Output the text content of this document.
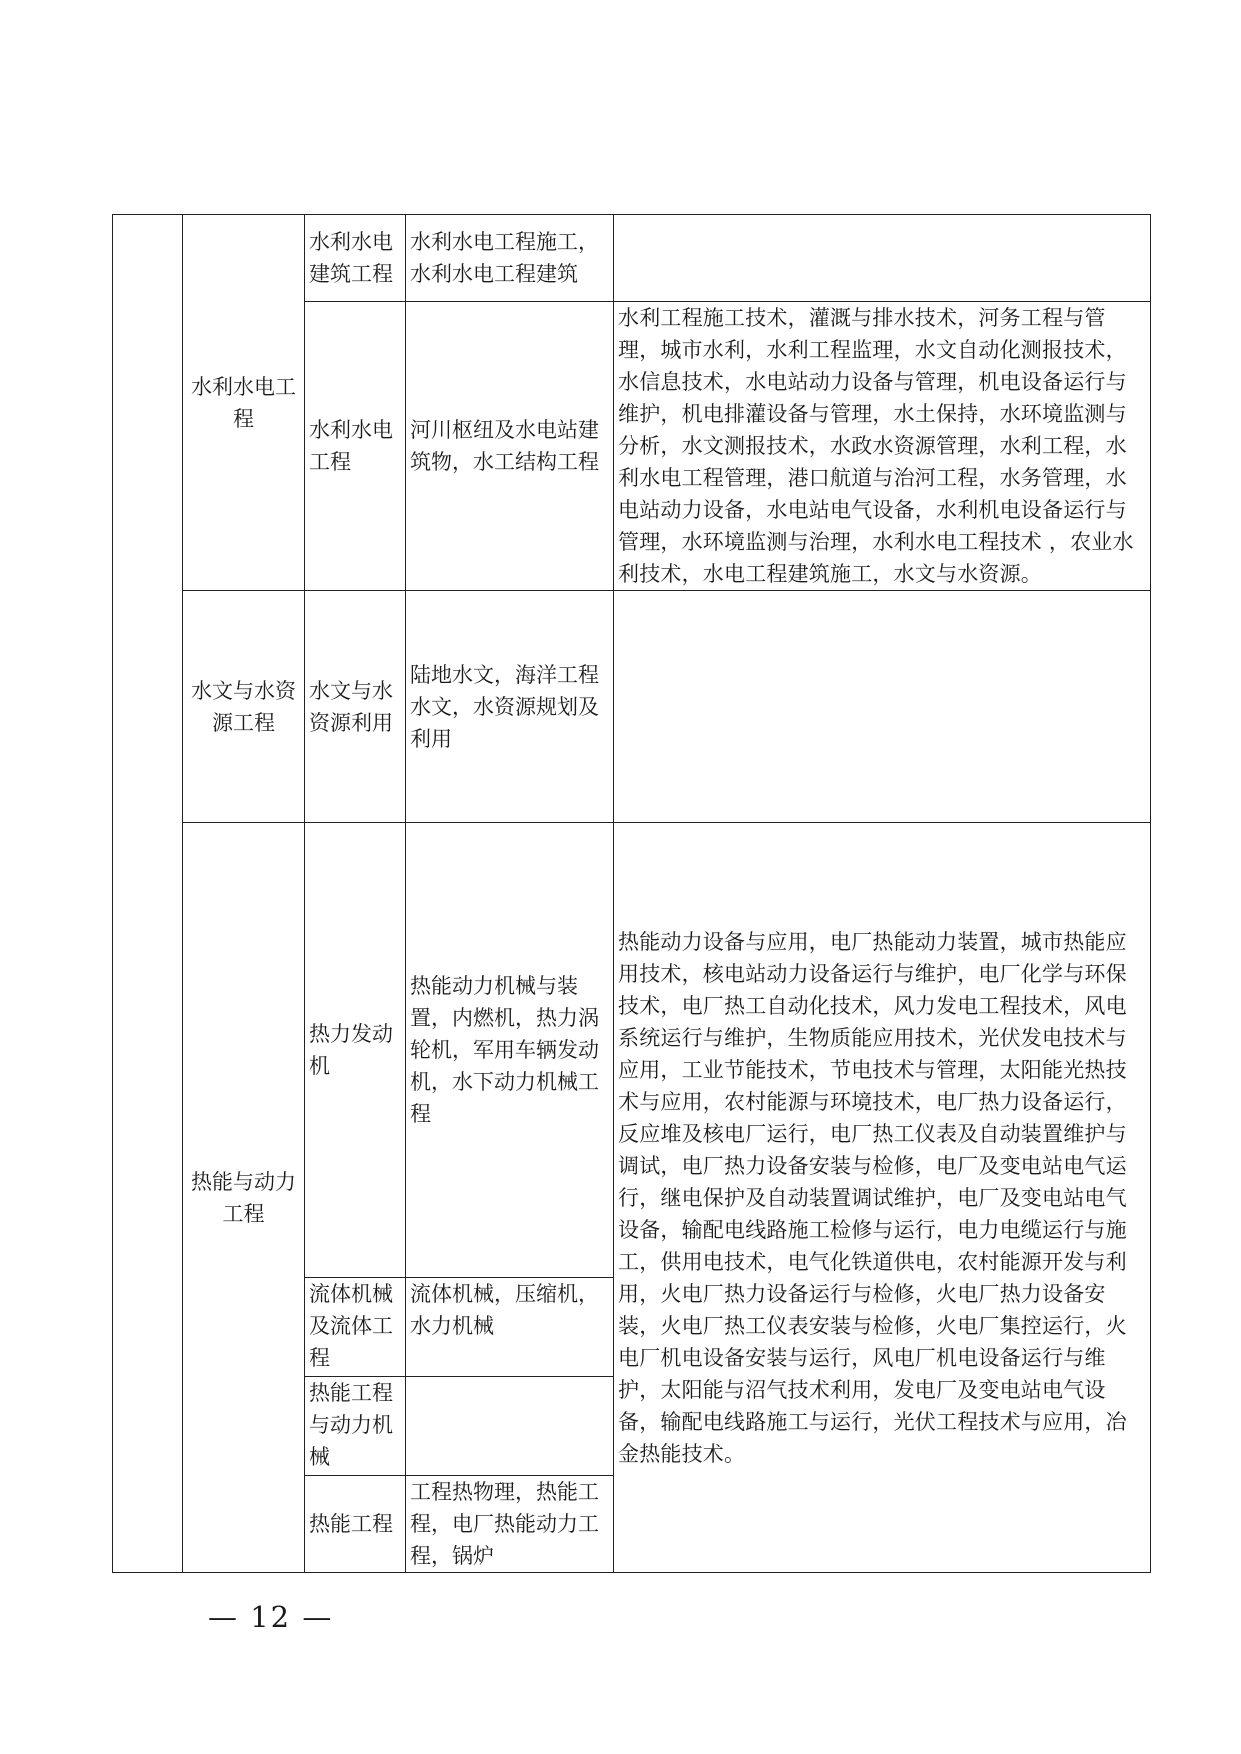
	水利水电工程	水利水电建筑工程	水利水电工程施工，水利水电工程建筑	
		水利水电工程	河川枢纽及水电站建筑物，水工结构工程	水利工程施工技术，灌溉与排水技术，河务工程与管理，城市水利，水利工程监理，水文自动化测报技术，水信息技术，水电站动力设备与管理，机电设备运行与维护，机电排灌设备与管理，水土保持，水环境监测与分析，水文测报技术，水政水资源管理，水利工程，水利水电工程管理，港口航道与治河工程，水务管理，水电站动力设备，水电站电气设备，水利机电设备运行与管理，水环境监测与治理，水利水电工程技术 ，农业水利技术，水电工程建筑施工，水文与水资源。
	水文与水资源工程	水文与水资源利用	陆地水文，海洋工程水文，水资源规划及利用	
	热能与动力工程	热力发动机	热能动力机械与装置，内燃机，热力涡轮机，军用车辆发动机，水下动力机械工程	热能动力设备与应用，电厂热能动力装置，城市热能应用技术，核电站动力设备运行与维护，电厂化学与环保技术，电厂热工自动化技术，风力发电工程技术，风电系统运行与维护，生物质能应用技术，光伏发电技术与应用，工业节能技术，节电技术与管理，太阳能光热技术与应用，农村能源与环境技术，电厂热力设备运行，反应堆及核电厂运行，电厂热工仪表及自动装置维护与调试，电厂热力设备安装与检修，电厂及变电站电气运行，继电保护及自动装置调试维护，电厂及变电站电气设备，输配电线路施工检修与运行，电力电缆运行与施工，供用电技术，电气化铁道供电，农村能源开发与利用，火电厂热力设备运行与检修，火电厂热力设备安装，火电厂热工仪表安装与检修，火电厂集控运行，火电厂机电设备安装与运行，风电厂机电设备运行与维护，太阳能与沼气技术利用，发电厂及变电站电气设备，输配电线路施工与运行，光伏工程技术与应用，冶金热能技术。
		流体机械及流体工程	流体机械，压缩机，水力机械	
		热能工程与动力机械		
		热能工程	工程热物理，热能工程，电厂热能动力工程，锅炉	
— 12 —
